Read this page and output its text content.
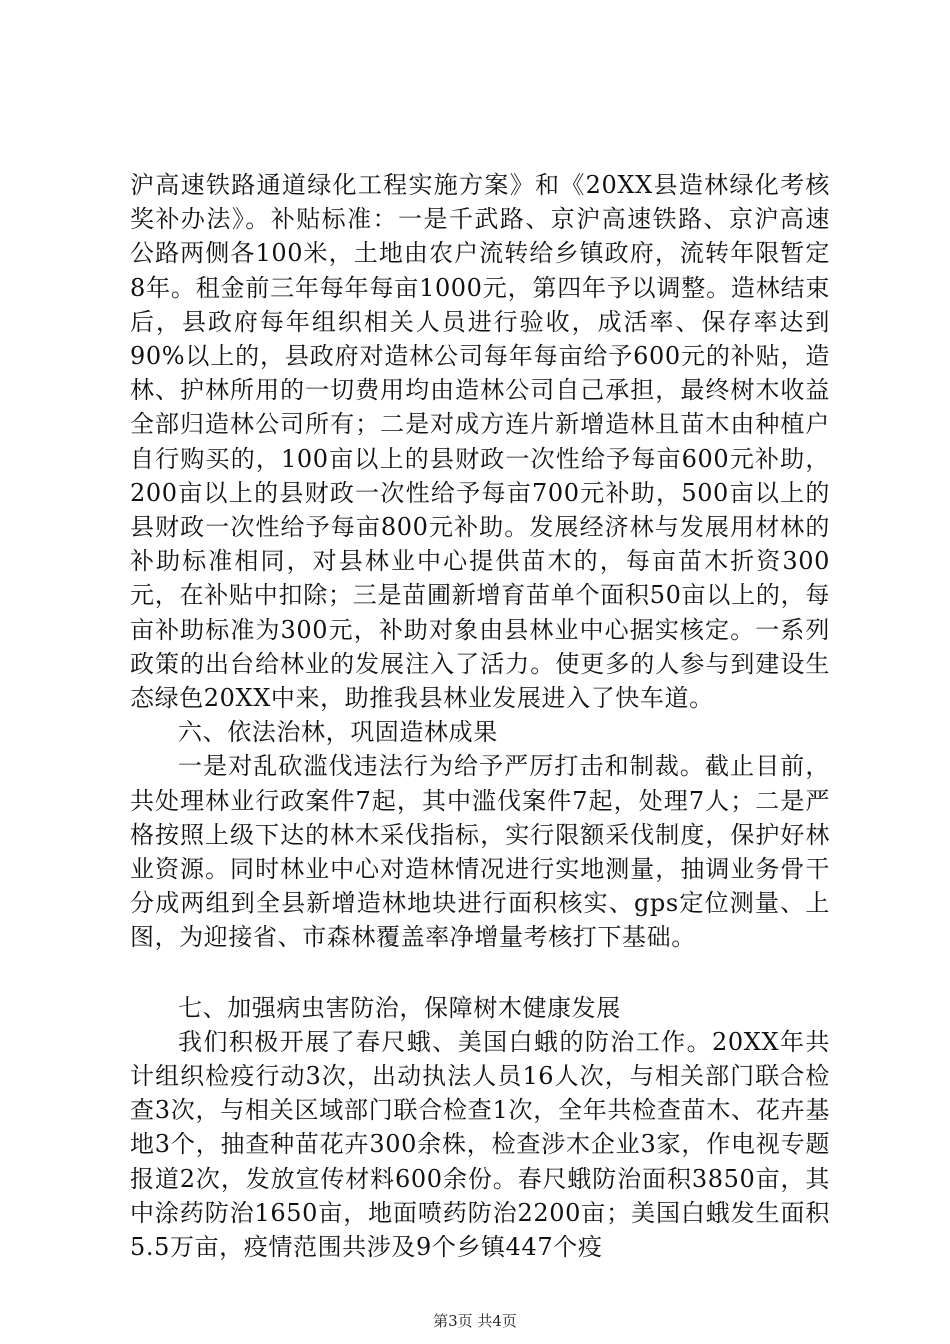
沪高速铁路通道绿化工程实施方案》和《20XX县造林绿化考核奖补办法》。补贴标准：一是千武路、京沪高速铁路、京沪高速公路两侧各100米，土地由农户流转给乡镇政府，流转年限暂定8年。租金前三年每年每亩1000元，第四年予以调整。造林结束后，县政府每年组织相关人员进行验收，成活率、保存率达到90%以上的，县政府对造林公司每年每亩给予600元的补贴，造林、护林所用的一切费用均由造林公司自己承担，最终树木收益全部归造林公司所有；二是对成方连片新增造林且苗木由种植户自行购买的，100亩以上的县财政一次性给予每亩600元补助，200亩以上的县财政一次性给予每亩700元补助，500亩以上的县财政一次性给予每亩800元补助。发展经济林与发展用材林的补助标准相同，对县林业中心提供苗木的，每亩苗木折资300元，在补贴中扣除；三是苗圃新增育苗单个面积50亩以上的，每亩补助标准为300元，补助对象由县林业中心据实核定。一系列政策的出台给林业的发展注入了活力。使更多的人参与到建设生态绿色20XX中来，助推我县林业发展进入了快车道。

六、依法治林，巩固造林成果

一是对乱砍滥伐违法行为给予严厉打击和制裁。截止目前，共处理林业行政案件7起，其中滥伐案件7起，处理7人；二是严格按照上级下达的林木采伐指标，实行限额采伐制度，保护好林业资源。同时林业中心对造林情况进行实地测量，抽调业务骨干分成两组到全县新增造林地块进行面积核实、gps定位测量、上图，为迎接省、市森林覆盖率净增量考核打下基础。

七、加强病虫害防治，保障树木健康发展

我们积极开展了春尺蛾、美国白蛾的防治工作。20XX年共计组织检疫行动3次，出动执法人员16人次，与相关部门联合检查3次，与相关区域部门联合检查1次，全年共检查苗木、花卉基地3个，抽查种苗花卉300余株，检查涉木企业3家，作电视专题报道2次，发放宣传材料600余份。春尺蛾防治面积3850亩，其中涂药防治1650亩，地面喷药防治2200亩；美国白蛾发生面积5.5万亩，疫情范围共涉及9个乡镇447个疫

第3页 共4页
